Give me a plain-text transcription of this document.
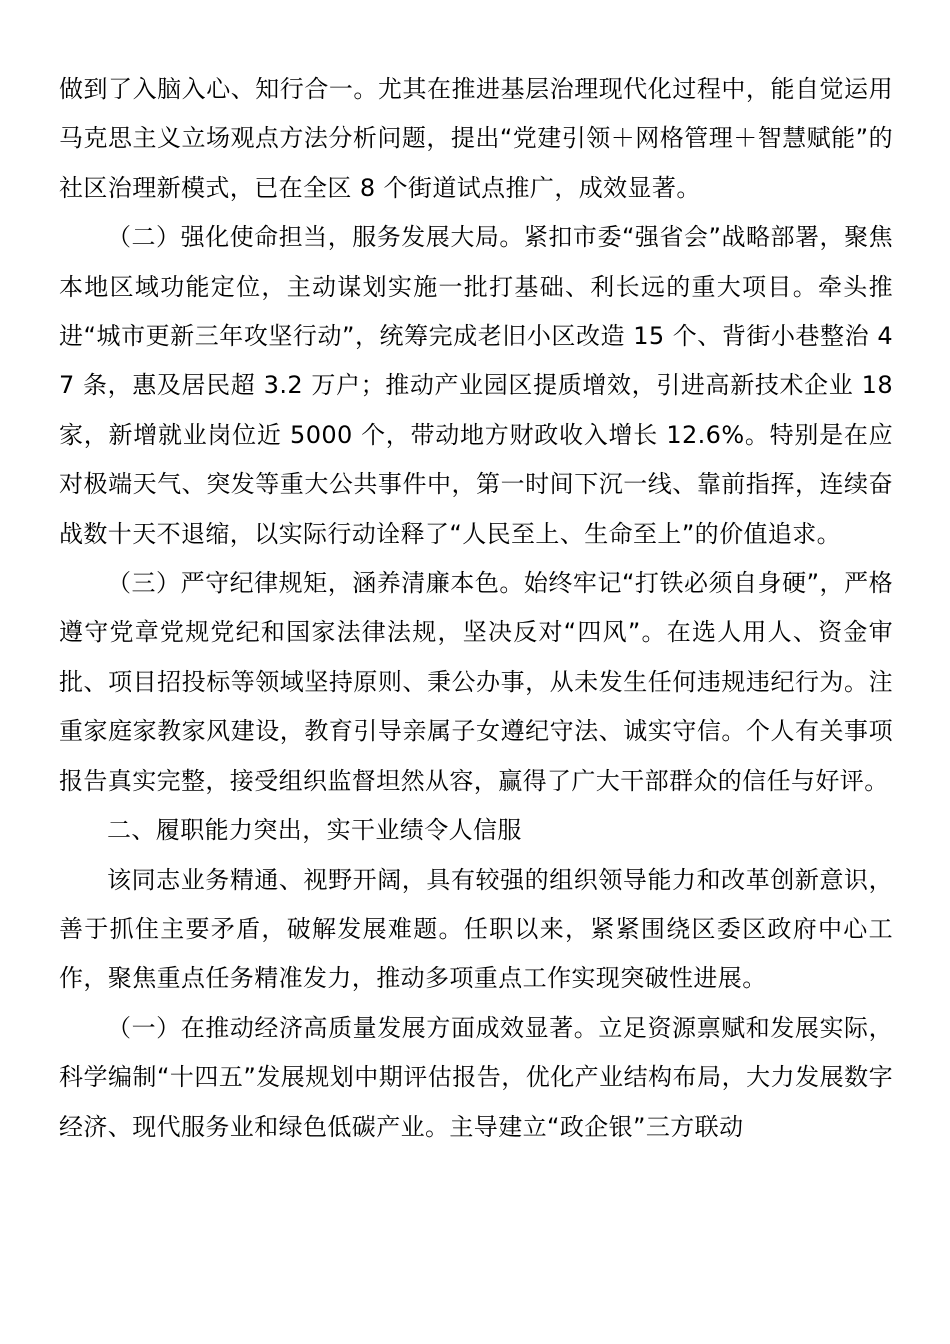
做到了入脑入心、知行合一。尤其在推进基层治理现代化过程中，能自觉运用马克思主义立场观点方法分析问题，提出“党建引领＋网格管理＋智慧赋能”的社区治理新模式，已在全区 8 个街道试点推广，成效显著。

（二）强化使命担当，服务发展大局。紧扣市委“强省会”战略部署，聚焦本地区域功能定位，主动谋划实施一批打基础、利长远的重大项目。牵头推进“城市更新三年攻坚行动”，统筹完成老旧小区改造 15 个、背街小巷整治 47 条，惠及居民超 3.2 万户；推动产业园区提质增效，引进高新技术企业 18 家，新增就业岗位近 5000 个，带动地方财政收入增长 12.6%。特别是在应对极端天气、突发等重大公共事件中，第一时间下沉一线、靠前指挥，连续奋战数十天不退缩，以实际行动诠释了“人民至上、生命至上”的价值追求。

（三）严守纪律规矩，涵养清廉本色。始终牢记“打铁必须自身硬”，严格遵守党章党规党纪和国家法律法规，坚决反对“四风”。在选人用人、资金审批、项目招投标等领域坚持原则、秉公办事，从未发生任何违规违纪行为。注重家庭家教家风建设，教育引导亲属子女遵纪守法、诚实守信。个人有关事项报告真实完整，接受组织监督坦然从容，赢得了广大干部群众的信任与好评。

二、履职能力突出，实干业绩令人信服

该同志业务精通、视野开阔，具有较强的组织领导能力和改革创新意识，善于抓住主要矛盾，破解发展难题。任职以来，紧紧围绕区委区政府中心工作，聚焦重点任务精准发力，推动多项重点工作实现突破性进展。

（一）在推动经济高质量发展方面成效显著。立足资源禀赋和发展实际，科学编制“十四五”发展规划中期评估报告，优化产业结构布局，大力发展数字经济、现代服务业和绿色低碳产业。主导建立“政企银”三方联动
